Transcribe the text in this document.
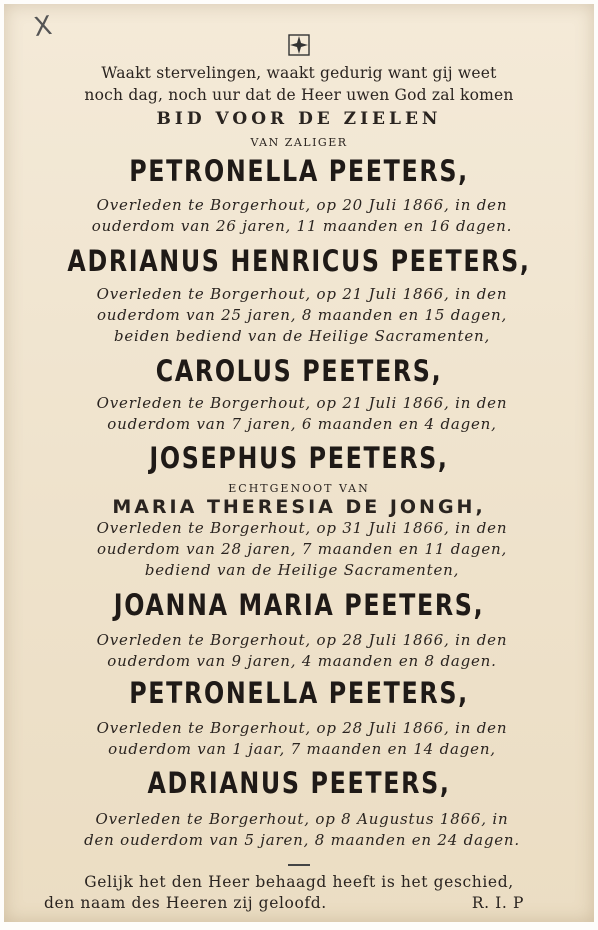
X
Waakt stervelingen, waakt gedurig want gij weet
noch dag, noch uur dat de Heer uwen God zal komen
BID VOOR DE ZIELEN
VAN ZALIGER
PETRONELLA PEETERS,
Overleden te Borgerhout, op 20 Juli 1866, in den
ouderdom van 26 jaren, 11 maanden en 16 dagen.
ADRIANUS HENRICUS PEETERS,
Overleden te Borgerhout, op 21 Juli 1866, in den
ouderdom van 25 jaren, 8 maanden en 15 dagen,
beiden bediend van de Heilige Sacramenten,
CAROLUS PEETERS,
Overleden te Borgerhout, op 21 Juli 1866, in den
ouderdom van 7 jaren, 6 maanden en 4 dagen,
JOSEPHUS PEETERS,
ECHTGENOOT VAN
MARIA THERESIA DE JONGH,
Overleden te Borgerhout, op 31 Juli 1866, in den
ouderdom van 28 jaren, 7 maanden en 11 dagen,
bediend van de Heilige Sacramenten,
JOANNA MARIA PEETERS,
Overleden te Borgerhout, op 28 Juli 1866, in den
ouderdom van 9 jaren, 4 maanden en 8 dagen.
PETRONELLA PEETERS,
Overleden te Borgerhout, op 28 Juli 1866, in den
ouderdom van 1 jaar, 7 maanden en 14 dagen,
ADRIANUS PEETERS,
Overleden te Borgerhout, op 8 Augustus 1866, in
den ouderdom van 5 jaren, 8 maanden en 24 dagen.
Gelijk het den Heer behaagd heeft is het geschied,
den naam des Heeren zij geloofd.	R. I. P
